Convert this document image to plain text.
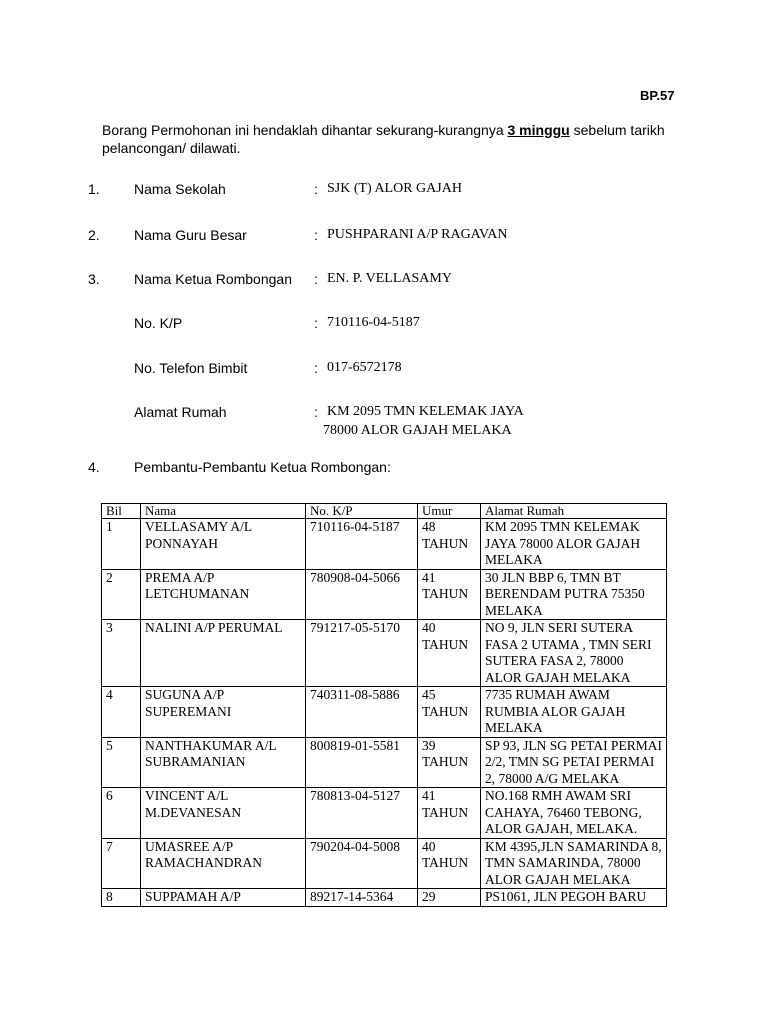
BP.57
Borang Permohonan ini hendaklah dihantar sekurang-kurangnya 3 minggu sebelum tarikh pelancongan/ dilawati.
1.	Nama Sekolah	: SJK (T) ALOR GAJAH
2.	Nama Guru Besar	: PUSHPARANI A/P RAGAVAN
3.	Nama Ketua Rombongan : EN. P. VELLASAMY
No. K/P	: 710116-04-5187
No. Telefon Bimbit	: 017-6572178
Alamat Rumah	: KM 2095 TMN KELEMAK JAYA
78000 ALOR GAJAH MELAKA
4.	Pembantu-Pembantu Ketua Rombongan:
Bil	Nama	No. K/P	Umur	Alamat Rumah
1	VELLASAMY A/L PONNAYAH	710116-04-5187	48 TAHUN	KM 2095 TMN KELEMAK JAYA 78000 ALOR GAJAH MELAKA
2	PREMA A/P LETCHUMANAN	780908-04-5066	41 TAHUN	30 JLN BBP 6, TMN BT BERENDAM PUTRA 75350 MELAKA
3	NALINI A/P PERUMAL	791217-05-5170	40 TAHUN	NO 9, JLN SERI SUTERA FASA 2 UTAMA , TMN SERI SUTERA FASA 2, 78000 ALOR GAJAH MELAKA
4	SUGUNA A/P SUPEREMANI	740311-08-5886	45 TAHUN	7735 RUMAH AWAM RUMBIA ALOR GAJAH MELAKA
5	NANTHAKUMAR A/L SUBRAMANIAN	800819-01-5581	39 TAHUN	SP 93, JLN SG PETAI PERMAI 2/2, TMN SG PETAI PERMAI 2, 78000 A/G MELAKA
6	VINCENT A/L M.DEVANESAN	780813-04-5127	41 TAHUN	NO.168 RMH AWAM SRI CAHAYA, 76460 TEBONG, ALOR GAJAH, MELAKA.
7	UMASREE A/P RAMACHANDRAN	790204-04-5008	40 TAHUN	KM 4395,JLN SAMARINDA 8, TMN SAMARINDA, 78000 ALOR GAJAH MELAKA
8	SUPPAMAH A/P	89217-14-5364	29	PS1061, JLN PEGOH BARU
